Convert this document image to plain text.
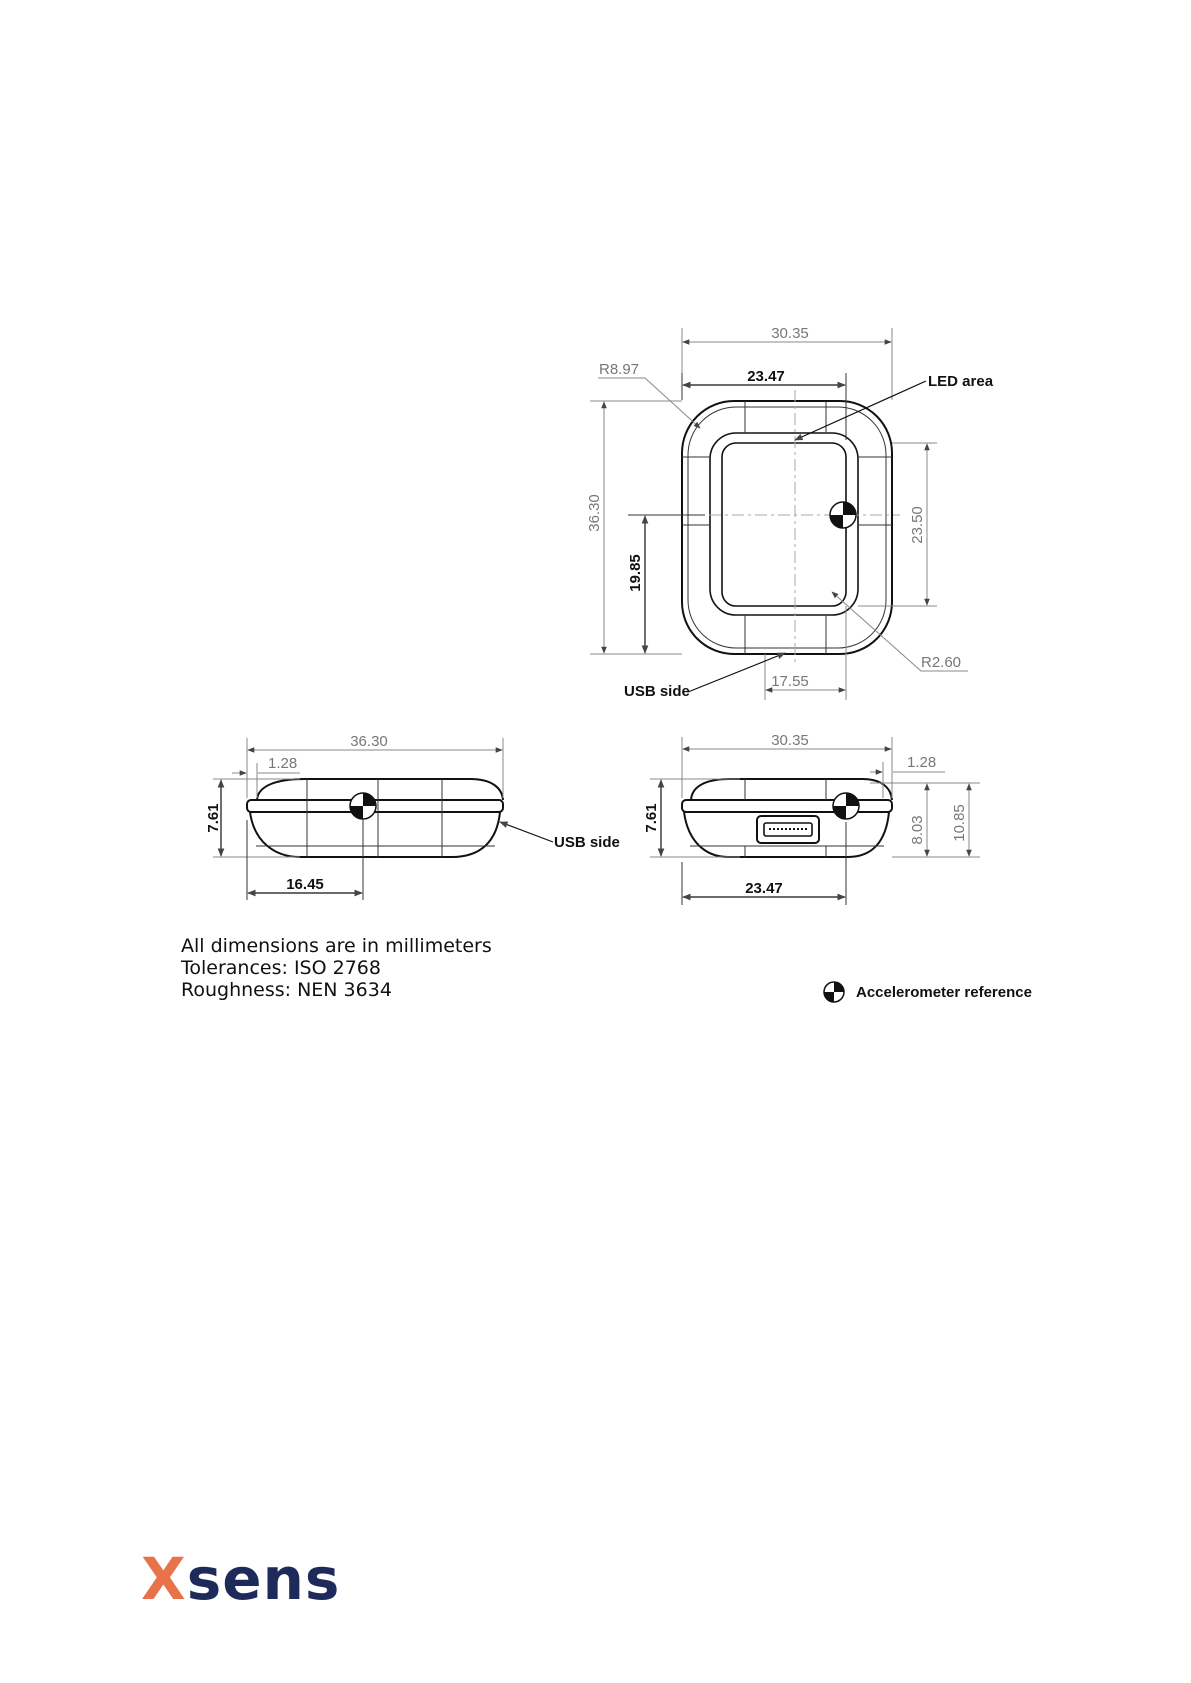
30.35
23.47
R8.97
LED area
36.30
19.85
23.50
R2.60
17.55
USB side
36.30
1.28
7.61
16.45
USB side
30.35
1.28
7.61
23.47
8.03 10.85
All dimensions are in millimeters
Tolerances: ISO 2768
Roughness: NEN 3634	Accelerometer reference
Xsens
